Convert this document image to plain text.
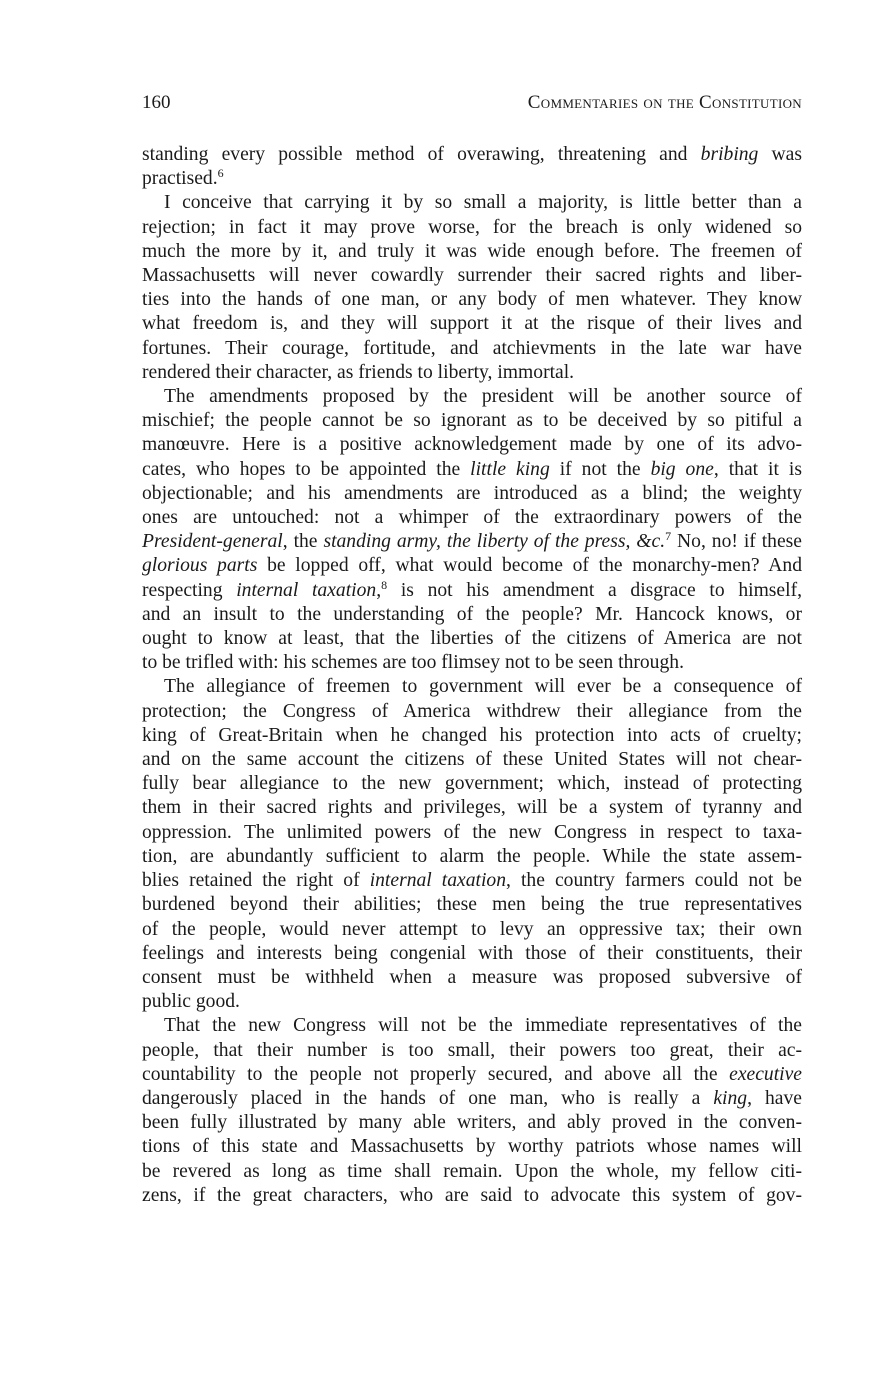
160	Commentaries on the Constitution
standing every possible method of overawing, threatening and bribing was
practised.$^6$
I conceive that carrying it by so small a majority, is little better than a
rejection; in fact it may prove worse, for the breach is only widened so
much the more by it, and truly it was wide enough before. The freemen of
Massachusetts will never cowardly surrender their sacred rights and liber-
ties into the hands of one man, or any body of men whatever. They know
what freedom is, and they will support it at the risque of their lives and
fortunes. Their courage, fortitude, and atchievments in the late war have
rendered their character, as friends to liberty, immortal.
The amendments proposed by the president will be another source of
mischief; the people cannot be so ignorant as to be deceived by so pitiful a
manœuvre. Here is a positive acknowledgement made by one of its advo-
cates, who hopes to be appointed the little king if not the big one, that it is
objectionable; and his amendments are introduced as a blind; the weighty
ones are untouched: not a whimper of the extraordinary powers of the
President-general, the standing army, the liberty of the press, &c.$^7$ No, no! if these
glorious parts be lopped off, what would become of the monarchy-men? And
respecting internal taxation,$^8$ is not his amendment a disgrace to himself,
and an insult to the understanding of the people? Mr. Hancock knows, or
ought to know at least, that the liberties of the citizens of America are not
to be trifled with: his schemes are too flimsey not to be seen through.
The allegiance of freemen to government will ever be a consequence of
protection; the Congress of America withdrew their allegiance from the
king of Great-Britain when he changed his protection into acts of cruelty;
and on the same account the citizens of these United States will not chear-
fully bear allegiance to the new government; which, instead of protecting
them in their sacred rights and privileges, will be a system of tyranny and
oppression. The unlimited powers of the new Congress in respect to taxa-
tion, are abundantly sufficient to alarm the people. While the state assem-
blies retained the right of internal taxation, the country farmers could not be
burdened beyond their abilities; these men being the true representatives
of the people, would never attempt to levy an oppressive tax; their own
feelings and interests being congenial with those of their constituents, their
consent must be withheld when a measure was proposed subversive of
public good.
That the new Congress will not be the immediate representatives of the
people, that their number is too small, their powers too great, their ac-
countability to the people not properly secured, and above all the executive
dangerously placed in the hands of one man, who is really a king, have
been fully illustrated by many able writers, and ably proved in the conven-
tions of this state and Massachusetts by worthy patriots whose names will
be revered as long as time shall remain. Upon the whole, my fellow citi-
zens, if the great characters, who are said to advocate this system of gov-
